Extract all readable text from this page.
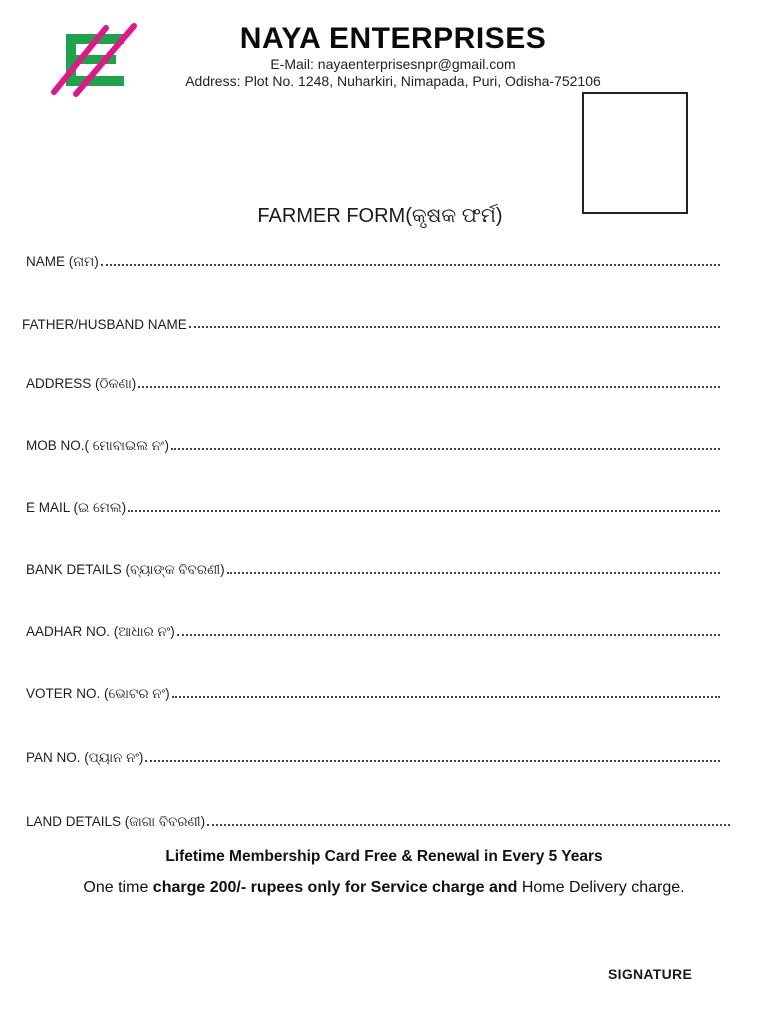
NAYA ENTERPRISES
E-Mail: nayaenterprisesnpr@gmail.com
Address: Plot No. 1248, Nuharkiri, Nimapada, Puri, Odisha-752106
FARMER FORM(କୃଷକ ଫର୍ମ)
NAME (ନାମ)
FATHER/HUSBAND NAME
ADDRESS (ଠିକଣା)
MOB NO.( ମୋବାଇଲ ନଂ)
E MAIL (ଇ ମେଲ)
BANK DETAILS (ବ୍ୟାଙ୍କ ବିବରଣୀ)
AADHAR NO. (ଆଧାର ନଂ)
VOTER NO. (ଭୋଟର ନଂ)
PAN NO. (ପ୍ୟାନ ନଂ)
LAND DETAILS (ଜାଗା ବିବରଣୀ)
Lifetime Membership Card Free & Renewal in Every 5 Years
One time charge 200/- rupees only for Service charge and Home Delivery charge.
SIGNATURE
